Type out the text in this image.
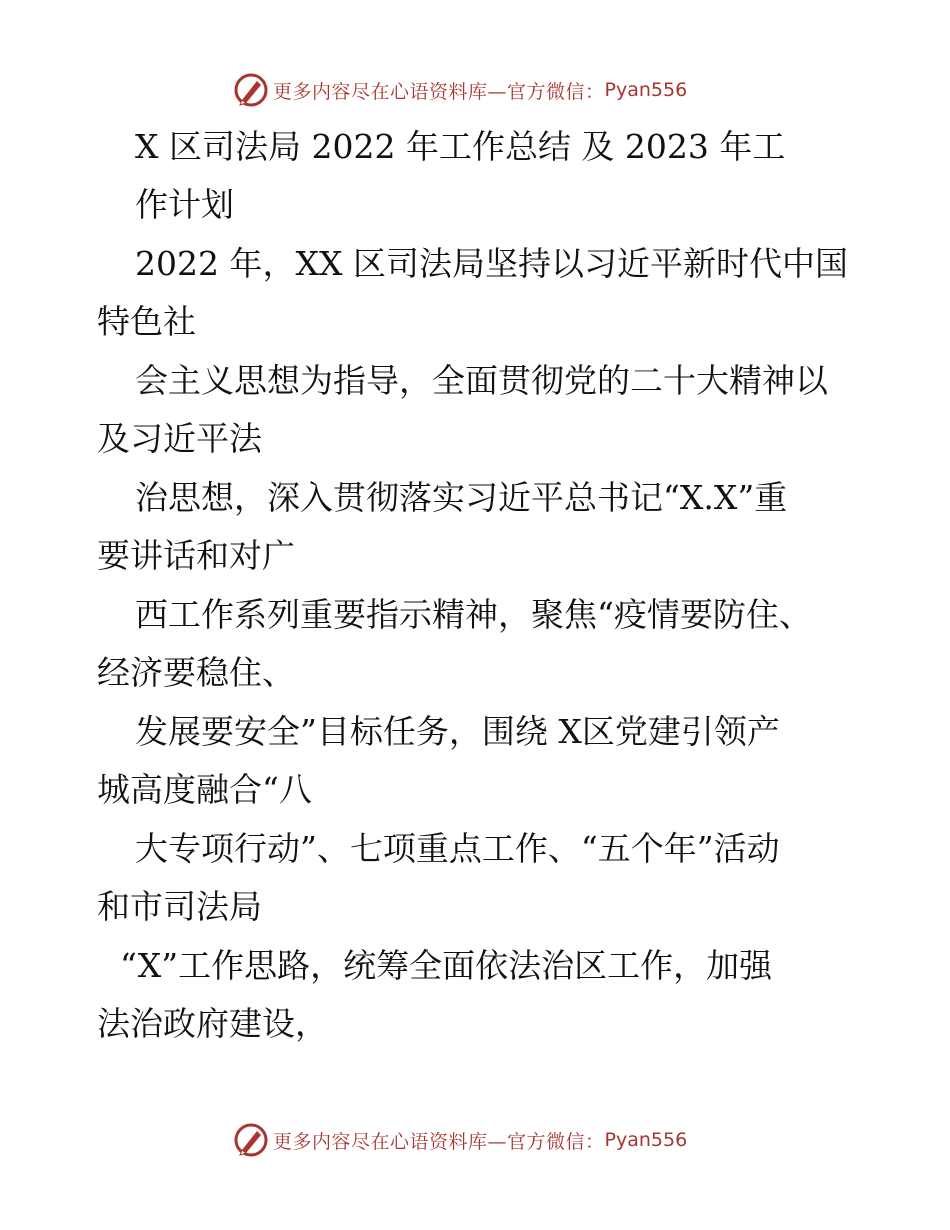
更多内容尽在心语资料库—官方微信： Pyan556
X 区司法局 2022 年工作总结 及 2023 年工
作计划
2022 年，XX 区司法局坚持以习近平新时代中国
特色社
会主义思想为指导，全面贯彻党的二十大精神以
及习近平法
治思想，深入贯彻落实习近平总书记“X.X”重
要讲话和对广
西工作系列重要指示精神，聚焦“疫情要防住、
经济要稳住、
发展要安全”目标任务，围绕 X区党建引领产
城高度融合“八
大专项行动”、七项重点工作、“五个年”活动
和市司法局
“X”工作思路，统筹全面依法治区工作，加强
法治政府建设，
更多内容尽在心语资料库—官方微信： Pyan556
